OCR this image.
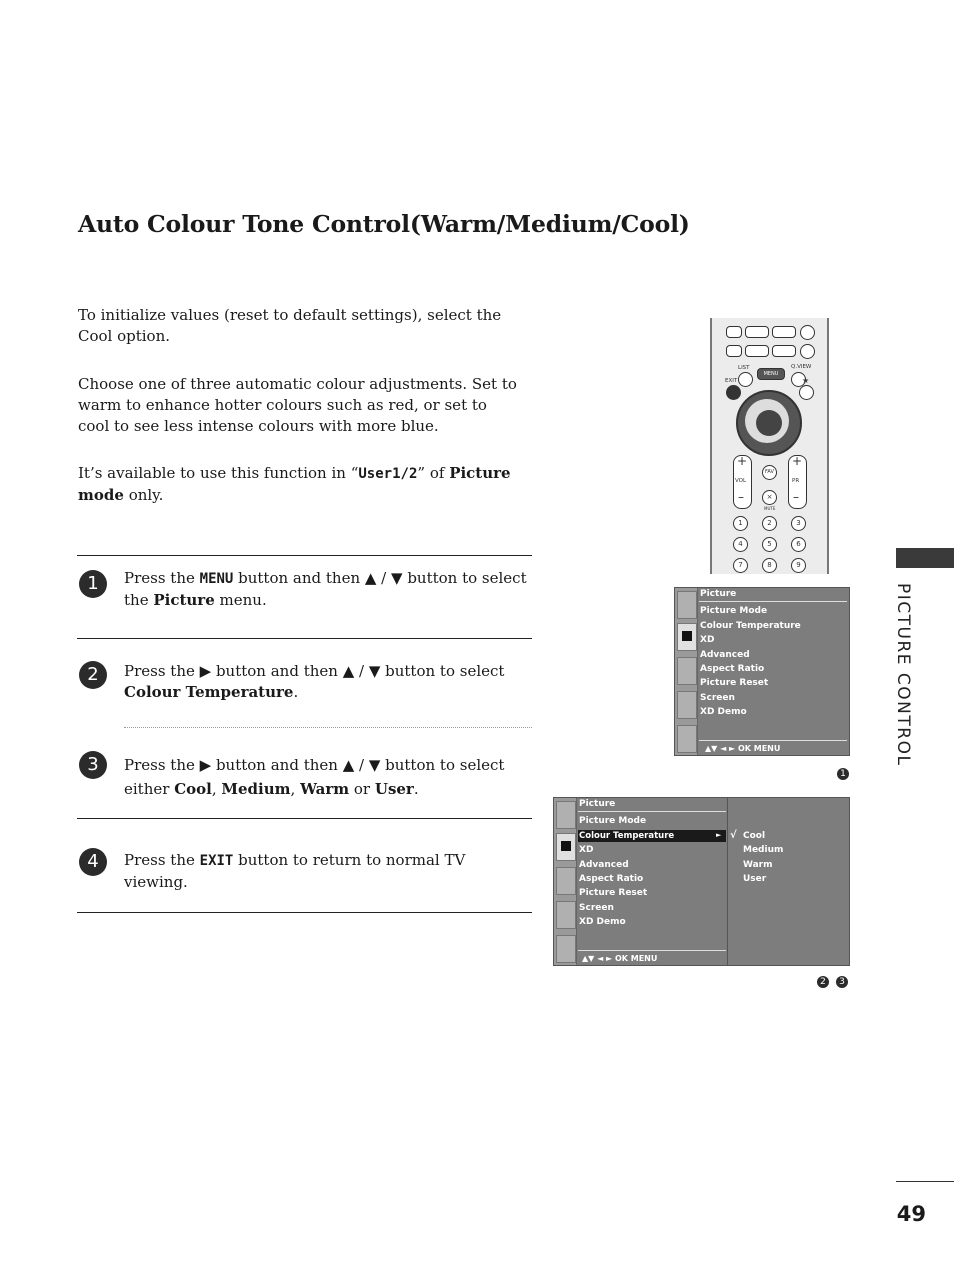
Auto Colour Tone Control(Warm/Medium/Cool)
To initialize values (reset to default settings), select the Cool option.
Choose one of three automatic colour adjustments. Set to warm to enhance hotter colours such as red, or set to cool to see less intense colours with more blue.
It’s available to use this function in “User1/2” of Picture mode only.
1	Press the MENU button and then ▲ / ▼ button to select the Picture menu.
2	Press the ▶ button and then ▲ / ▼ button to select Colour Temperature.
3	Press the ▶ button and then ▲ / ▼ button to select either Cool, Medium, Warm or User.
4	Press the EXIT button to return to normal TV viewing.
PICTURE CONTROL
49
LIST	Q.VIEW
MENU
EXIT	★
+
VOL
–
+
PR
–
FAV
×
MUTE
1	2	3
4	5	6
7	8	9
Picture
Picture Mode
Colour Temperature
XD
Advanced
Aspect Ratio
Picture Reset
Screen
XD Demo
▲▼ ◄ ► OK MENU
1
Picture
Picture Mode
Colour Temperature	►
XD
Advanced
Aspect Ratio
Picture Reset
Screen
XD Demo
▲▼ ◄ ► OK MENU
√ Cool
Medium
Warm
User
2	3
